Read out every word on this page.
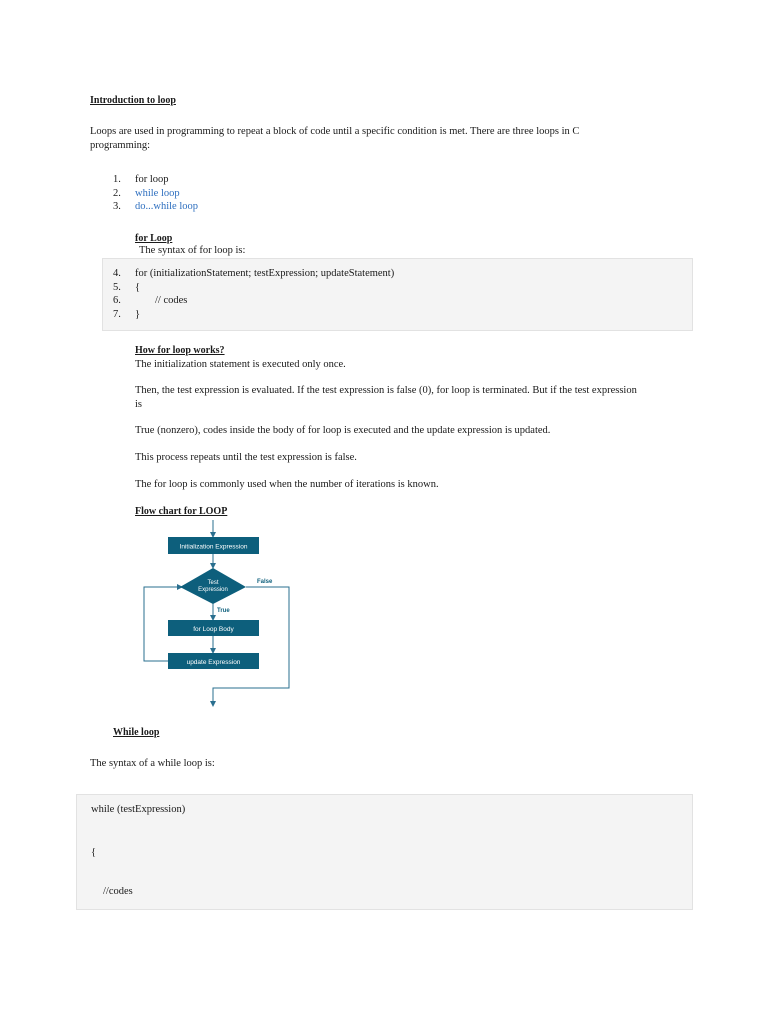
Introduction to loop
Loops are used in programming to repeat a block of code until a specific condition is met. There are three loops in C
programming:
1. for loop
2. while loop
3. do...while loop
for Loop
The syntax of for loop is:
4. for (initializationStatement; testExpression; updateStatement)
5. {
6.	// codes
7. }
How for loop works?
The initialization statement is executed only once.
Then, the test expression is evaluated. If the test expression is false (0), for loop is terminated. But if the test expression
is
True (nonzero), codes inside the body of for loop is executed and the update expression is updated.
This process repeats until the test expression is false.
The for loop is commonly used when the number of iterations is known.
Flow chart for LOOP
Initialization Expression
Test
Expression
False
True
for Loop Body
update Expression
While loop
The syntax of a while loop is:
while (testExpression)
{
//codes
